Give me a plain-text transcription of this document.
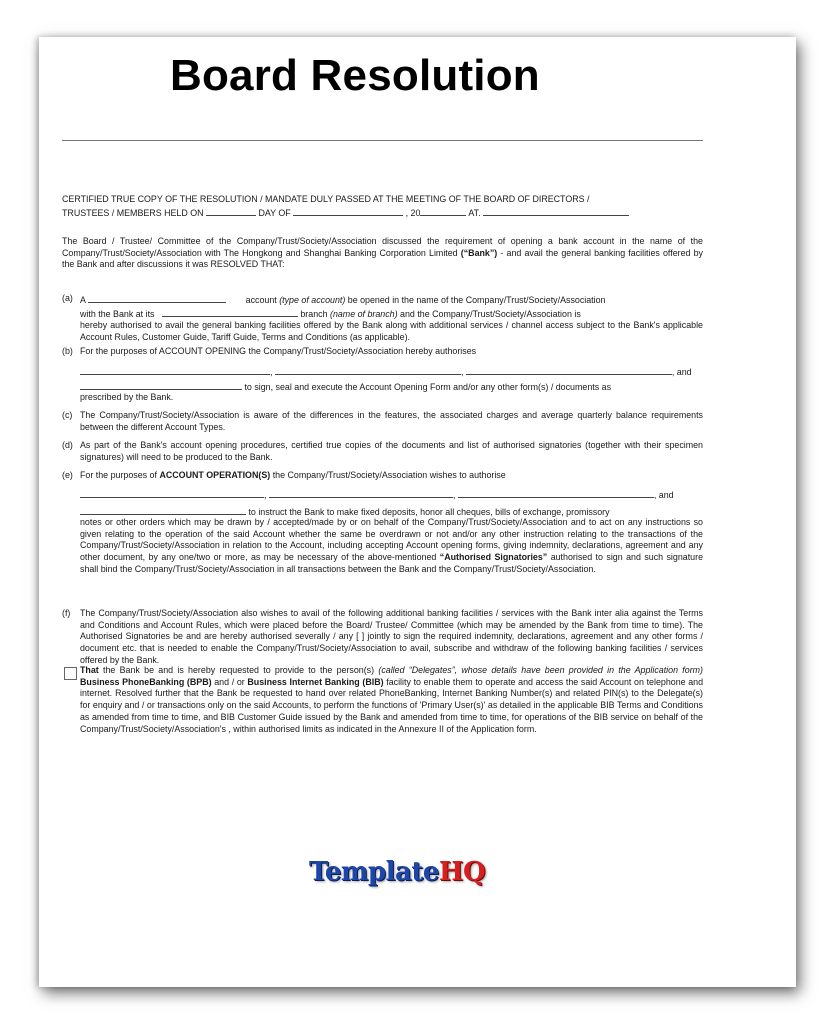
Board Resolution
CERTIFIED TRUE COPY OF THE RESOLUTION / MANDATE DULY PASSED AT THE MEETING OF THE BOARD OF DIRECTORS /
TRUSTEES / MEMBERS HELD ON	DAY OF	, 20	AT.
The Board / Trustee/ Committee of the Company/Trust/Society/Association discussed the requirement of opening a bank account in the name of the Company/Trust/Society/Association with The Hongkong and Shanghai Banking Corporation Limited (“Bank”) - and avail the general banking facilities offered by the Bank and after discussions it was RESOLVED THAT:
(a) A	account (type of account) be opened in the name of the Company/Trust/Society/Association
with the Bank at its	branch (name of branch) and the Company/Trust/Society/Association is
hereby authorised to avail the general banking facilities offered by the Bank along with additional services / channel access subject to the Bank's applicable Account Rules, Customer Guide, Tariff Guide, Terms and Conditions (as applicable).
(b) For the purposes of ACCOUNT OPENING the Company/Trust/Society/Association hereby authorises
,	,	, and
to sign, seal and execute the Account Opening Form and/or any other form(s) / documents as
prescribed by the Bank.
(c) The Company/Trust/Society/Association is aware of the differences in the features, the associated charges and average quarterly balance requirements between the different Account Types.
(d) As part of the Bank's account opening procedures, certified true copies of the documents and list of authorised signatories (together with their specimen signatures) will need to be produced to the Bank.
(e) For the purposes of ACCOUNT OPERATION(S) the Company/Trust/Society/Association wishes to authorise
,	,	, and
to instruct the Bank to make fixed deposits, honor all cheques, bills of exchange, promissory
notes or other orders which may be drawn by / accepted/made by or on behalf of the Company/Trust/Society/Association and to act on any instructions so given relating to the operation of the said Account whether the same be overdrawn or not and/or any other instruction relating to the transactions of the Company/Trust/Society/Association in relation to the Account, including accepting Account opening forms, giving indemnity, declarations, agreement and any other document, by any one/two or more, as may be necessary of the above-mentioned “Authorised Signatories” authorised to sign and such signature shall bind the Company/Trust/Society/Association in all transactions between the Bank and the Company/Trust/Society/Association.
(f)	The Company/Trust/Society/Association also wishes to avail of the following additional banking facilities / services with the Bank inter alia against the Terms and Conditions and Account Rules, which were placed before the Board/ Trustee/ Committee (which may be amended by the Bank from time to time). The Authorised Signatories be and are hereby authorised severally / any [ ] jointly to sign the required indemnity, declarations, agreement and any other forms / document etc. that is needed to enable the Company/Trust/Society/Association to avail, subscribe and withdraw of the following banking facilities / services offered by the Bank.
That the Bank be and is hereby requested to provide to the person(s) (called “Delegates”, whose details have been provided in the Application form) Business PhoneBanking (BPB) and / or Business Internet Banking (BIB) facility to enable them to operate and access the said Account on telephone and internet. Resolved further that the Bank be requested to hand over related PhoneBanking, Internet Banking Number(s) and related PIN(s) to the Delegate(s) for enquiry and / or transactions only on the said Accounts, to perform the functions of 'Primary User(s)' as detailed in the applicable BIB Terms and Conditions as amended from time to time, and BIB Customer Guide issued by the Bank and amended from time to time, for operations of the BIB service on behalf of the Company/Trust/Society/Association's , within authorised limits as indicated in the Annexure II of the Application form.
TemplateHQ
